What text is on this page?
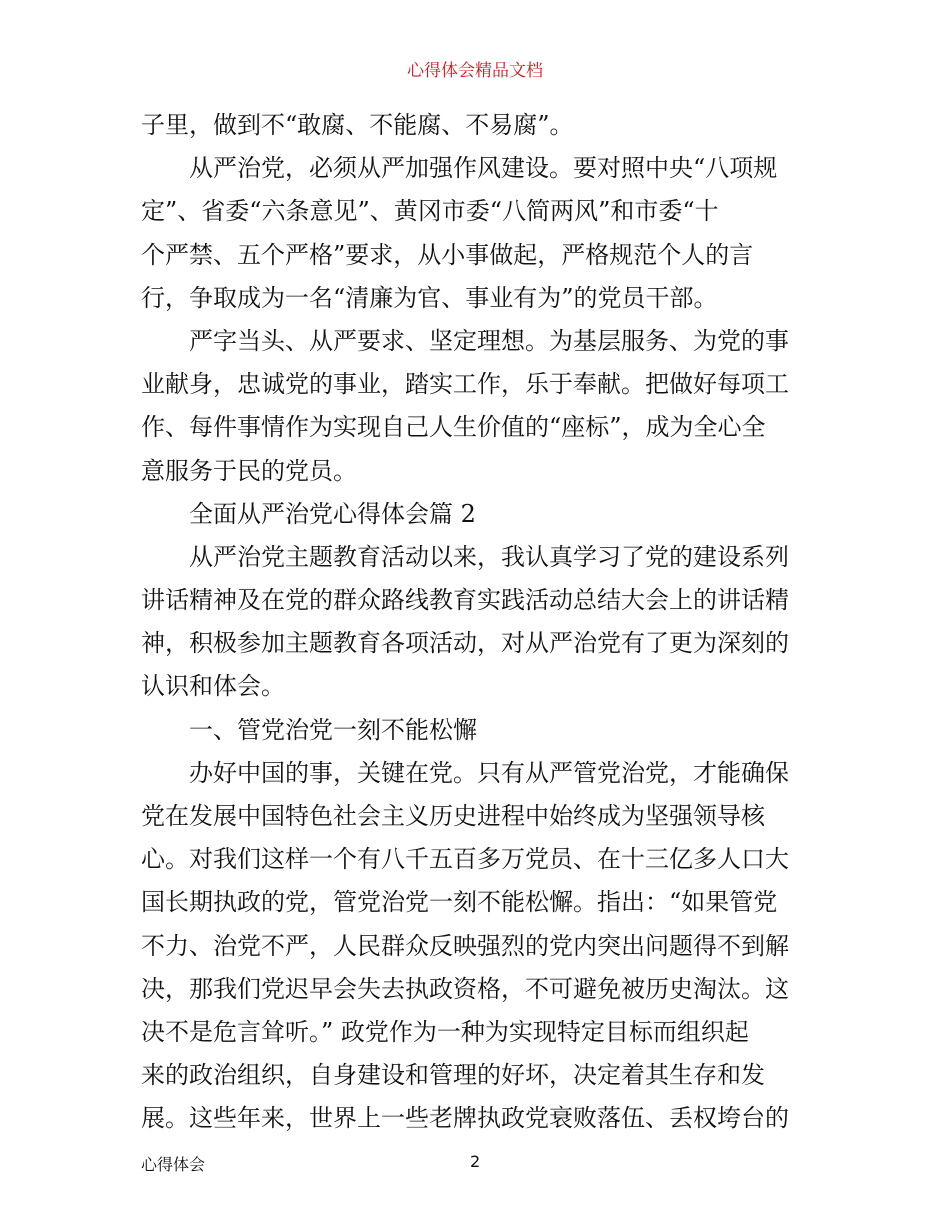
心得体会精品文档
子里，做到不“敢腐、不能腐、不易腐”。
从严治党，必须从严加强作风建设。要对照中央“八项规
定”、省委“六条意见”、黄冈市委“八简两风”和市委“十
个严禁、五个严格”要求，从小事做起，严格规范个人的言
行，争取成为一名“清廉为官、事业有为”的党员干部。
严字当头、从严要求、坚定理想。为基层服务、为党的事
业献身，忠诚党的事业，踏实工作，乐于奉献。把做好每项工
作、每件事情作为实现自己人生价值的“座标”，成为全心全
意服务于民的党员。
全面从严治党心得体会篇 2
从严治党主题教育活动以来，我认真学习了党的建设系列
讲话精神及在党的群众路线教育实践活动总结大会上的讲话精
神，积极参加主题教育各项活动，对从严治党有了更为深刻的
认识和体会。
一、管党治党一刻不能松懈
办好中国的事，关键在党。只有从严管党治党，才能确保
党在发展中国特色社会主义历史进程中始终成为坚强领导核
心。对我们这样一个有八千五百多万党员、在十三亿多人口大
国长期执政的党，管党治党一刻不能松懈。指出：“如果管党
不力、治党不严，人民群众反映强烈的党内突出问题得不到解
决，那我们党迟早会失去执政资格，不可避免被历史淘汰。这
决不是危言耸听。” 政党作为一种为实现特定目标而组织起
来的政治组织，自身建设和管理的好坏，决定着其生存和发
展。这些年来，世界上一些老牌执政党衰败落伍、丢权垮台的
心得体会	2
